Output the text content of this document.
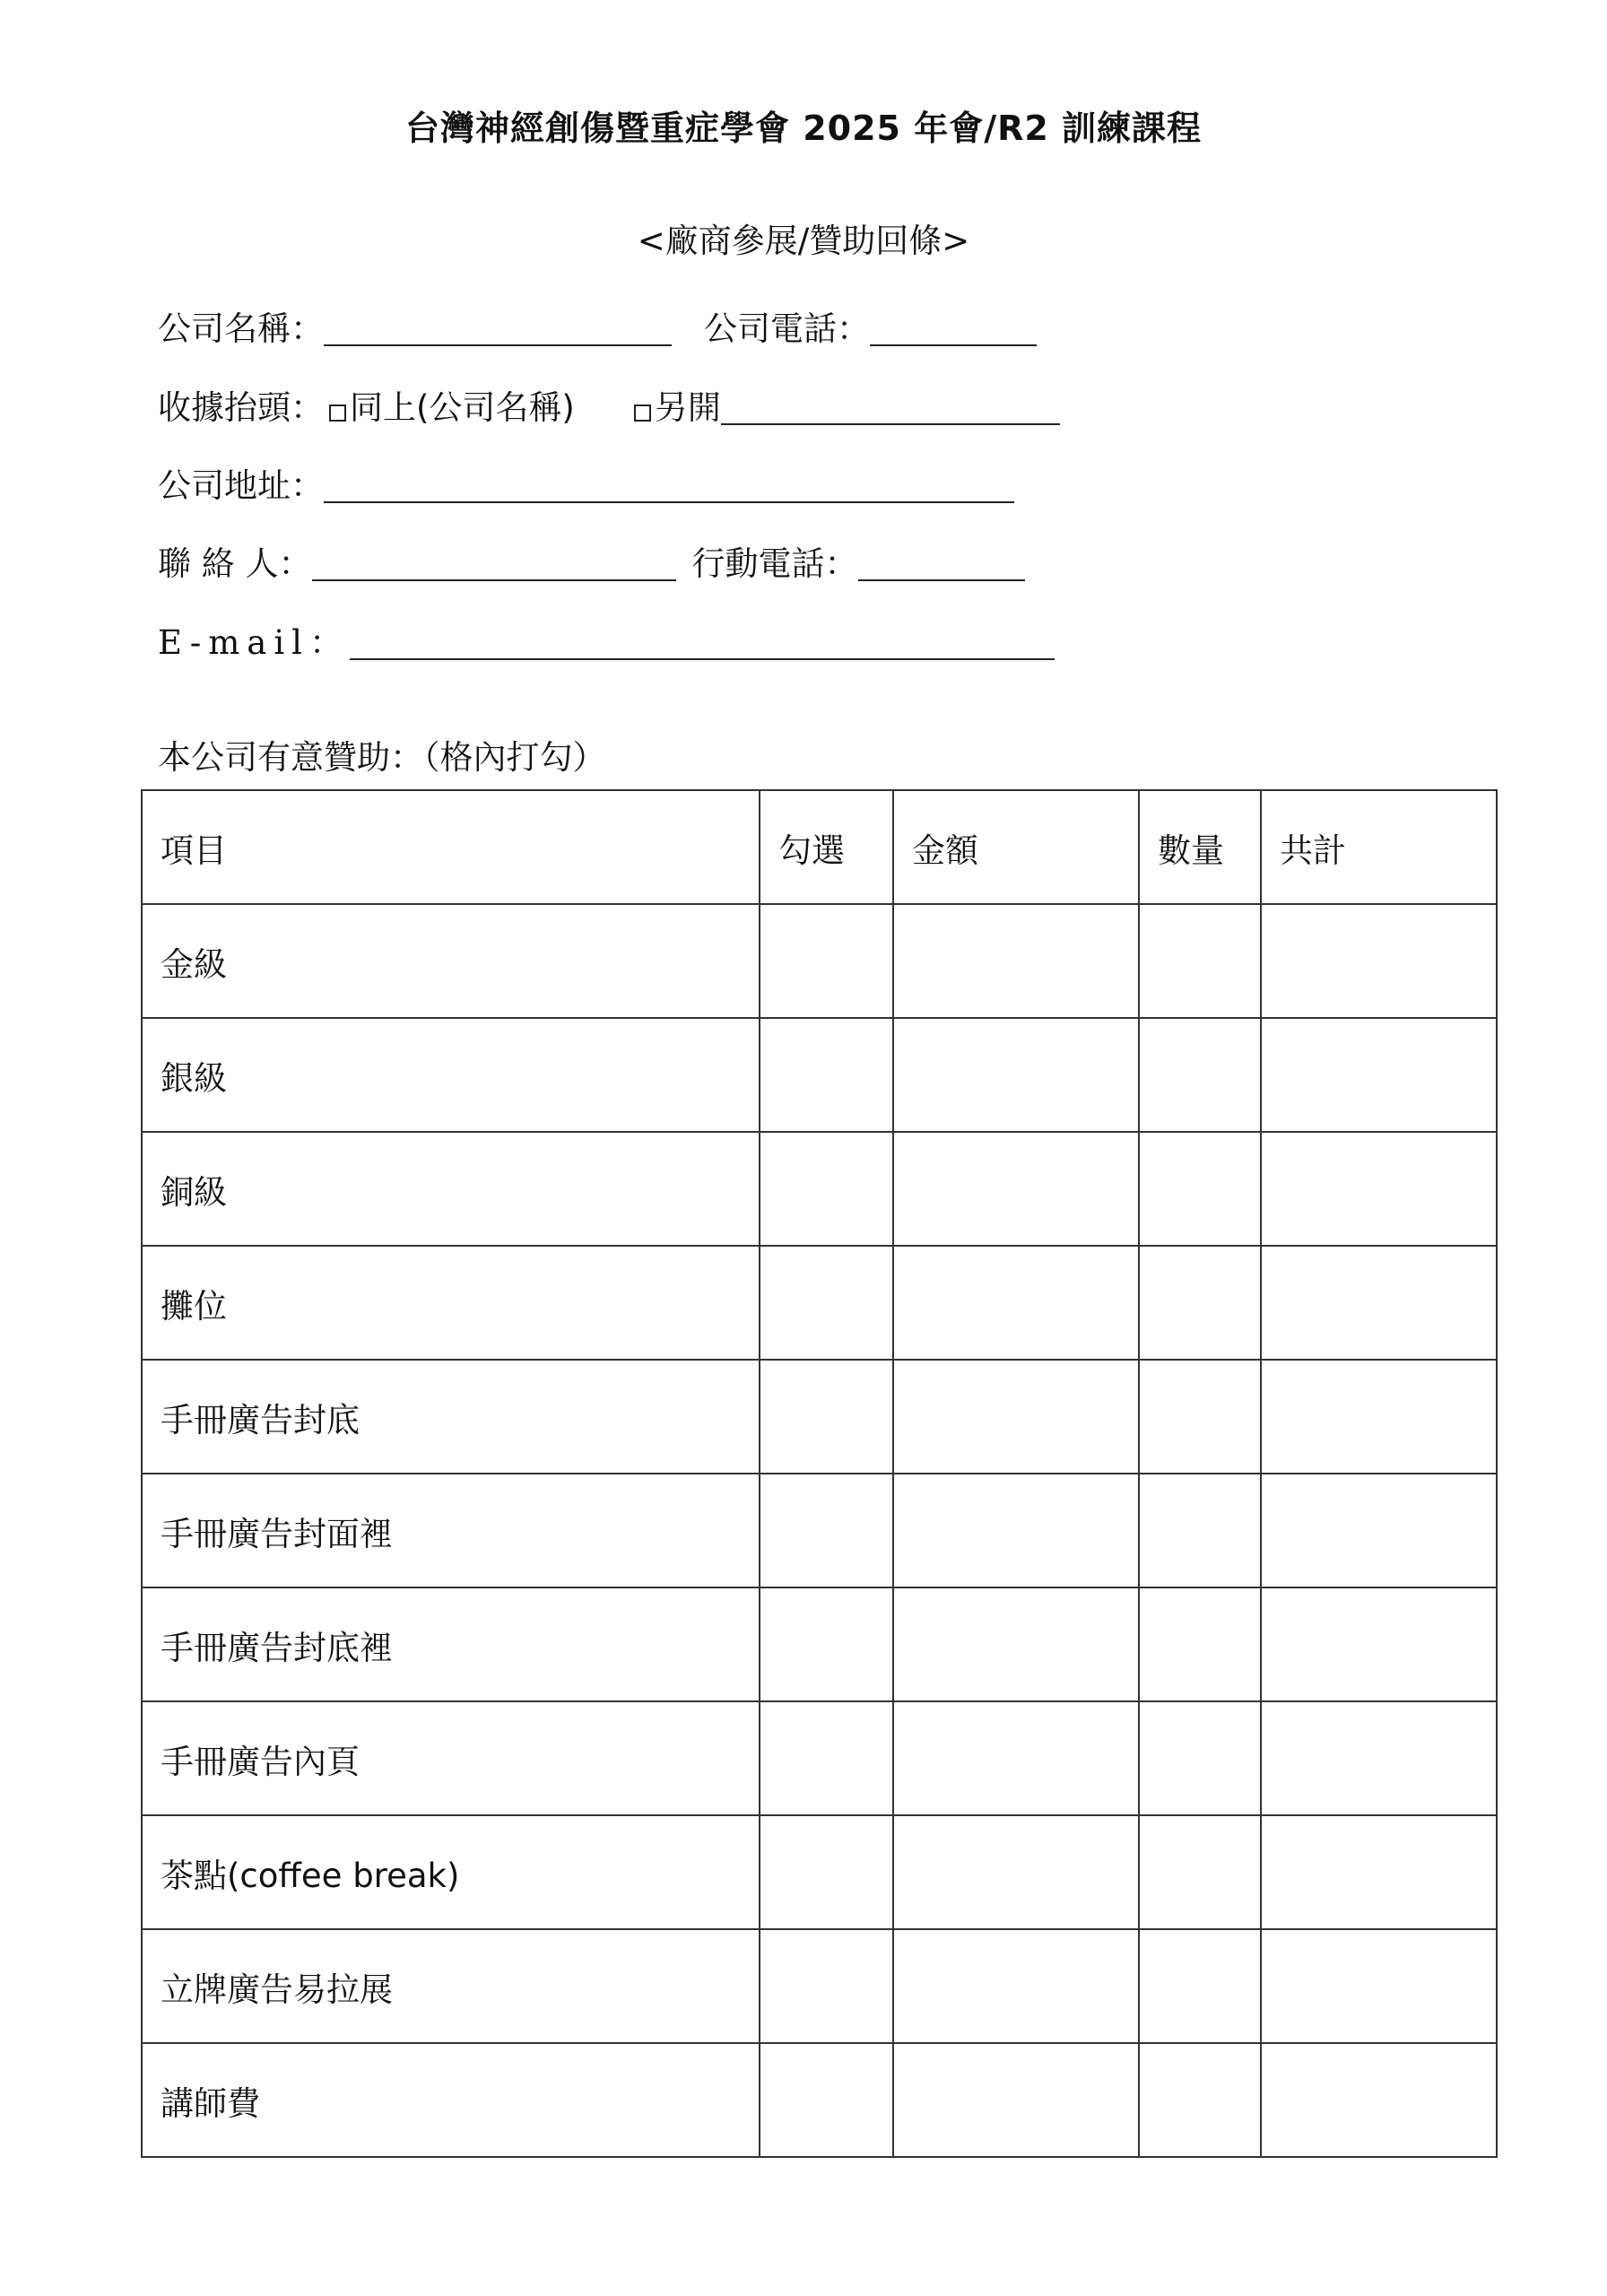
台灣神經創傷暨重症學會 2025 年會/R2 訓練課程
<廠商參展/贊助回條>
公司名稱：	公司電話：
收據抬頭： 同上(公司名稱) 另開
公司地址：
聯 絡 人：	行動電話：
E-mail：
本公司有意贊助：（格內打勾）
項目	勾選	金額	數量	共計
金級				
銀級				
銅級				
攤位				
手冊廣告封底				
手冊廣告封面裡				
手冊廣告封底裡				
手冊廣告內頁				
茶點(coffee break)				
立牌廣告易拉展				
講師費				
